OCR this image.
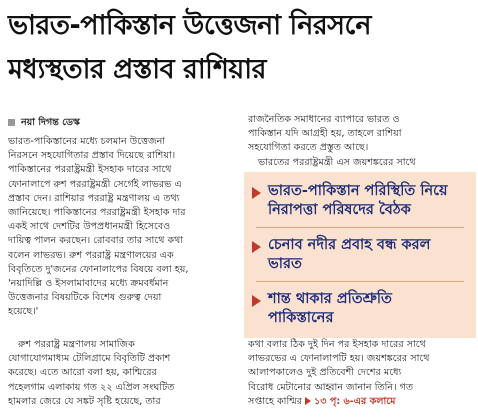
ভারত-পাকিস্তান উত্তেজনা নিরসনে
মধ্যস্থতার প্রস্তাব রাশিয়ার
নয়া দিগন্ত ডেস্ক

ভারত-পাকিস্তানের মধ্যে চলমান উত্তেজনা
নিরসনে সহযোগিতার প্রস্তাব দিয়েছে রাশিয়া।
পাকিস্তানের পররাষ্ট্রমন্ত্রী ইসহাক দারের সাথে
ফোনালাপে রুশ পররাষ্ট্রমন্ত্রী সের্গেই লাভরভ এ
প্রস্তাব দেন। রাশিয়ার পররাষ্ট্র মন্ত্রণালয় এ তথ্য
জানিয়েছে। পাকিস্তানের পররাষ্ট্রমন্ত্রী ইসহাক দার
একই সাথে দেশটির উপপ্রধানমন্ত্রী হিসেবেও
দায়িত্ব পালন করছেন। রোববার তার সাথে কথা
বলেন লাভরভ। রুশ পররাষ্ট্র মন্ত্রণালয়ের এক
বিবৃতিতে দু'জনের ফোনালাপের বিষয়ে বলা হয়,
'নয়াদিল্লি ও ইসলামাবাদের মধ্যে ক্রমবর্ধমান
উত্তেজনার বিষয়টিকে বিশেষ গুরুত্ব দেয়া
হয়েছে।'

রাজনৈতিক সমাধানের ব্যাপারে ভারত ও
পাকিস্তান যদি আগ্রহী হয়, তাহলে রাশিয়া
সহযোগিতা করতে প্রস্তুত আছে।
ভারতের পররাষ্ট্রমন্ত্রী এস জয়শঙ্করের সাথে

ভারত-পাকিস্তান পরিস্থিতি নিয়ে
নিরাপত্তা পরিষদের বৈঠক
চেনাব নদীর প্রবাহ বন্ধ করল
ভারত
শান্ত থাকার প্রতিশ্রুতি
পাকিস্তানের

রুশ পররাষ্ট্র মন্ত্রণালয় সামাজিক
যোগাযোগমাধ্যম টেলিগ্রামে বিবৃতিটি প্রকাশ
করেছে। এতে আরো বলা হয়, কাশ্মিরের
পহেলগাম এলাকায় গত ২২ এপ্রিল সংঘটিত
হামলার জেরে যে সঙ্কট সৃষ্টি হয়েছে, তার

কথা বলার ঠিক দুই দিন পর ইসহাক দারের সাথে
লাভরভের এ ফোনালাপটি হয়। জয়শঙ্করের সাথে
আলাপকালেও দুই প্রতিবেশী দেশের মধ্যে
বিরোধ মেটানোর আহ্বান জানান তিনি। গত
সপ্তাহে কাশ্মির ১৩ পৃ: ৬-এর কলামে
